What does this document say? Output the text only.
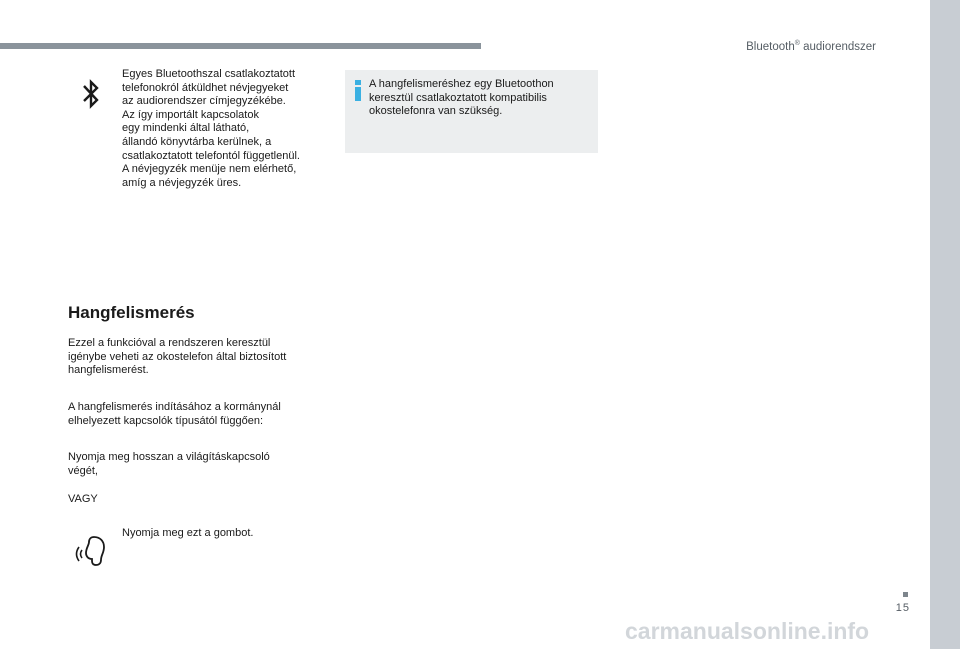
Bluetooth® audiorendszer
Egyes Bluetoothszal csatlakoztatott
telefonokról átküldhet névjegyeket
az audiorendszer címjegyzékébe.
Az így importált kapcsolatok
egy mindenki által látható,
állandó könyvtárba kerülnek, a
csatlakoztatott telefontól függetlenül.
A névjegyzék menüje nem elérhető,
amíg a névjegyzék üres.
A hangfelismeréshez egy Bluetoothon
keresztül csatlakoztatott kompatibilis
okostelefonra van szükség.
Hangfelismerés
Ezzel a funkcióval a rendszeren keresztül
igénybe veheti az okostelefon által biztosított
hangfelismerést.
A hangfelismerés indításához a kormánynál
elhelyezett kapcsolók típusától függően:
Nyomja meg hosszan a világításkapcsoló
végét,
VAGY
Nyomja meg ezt a gombot.
15
carmanualsonline.info
